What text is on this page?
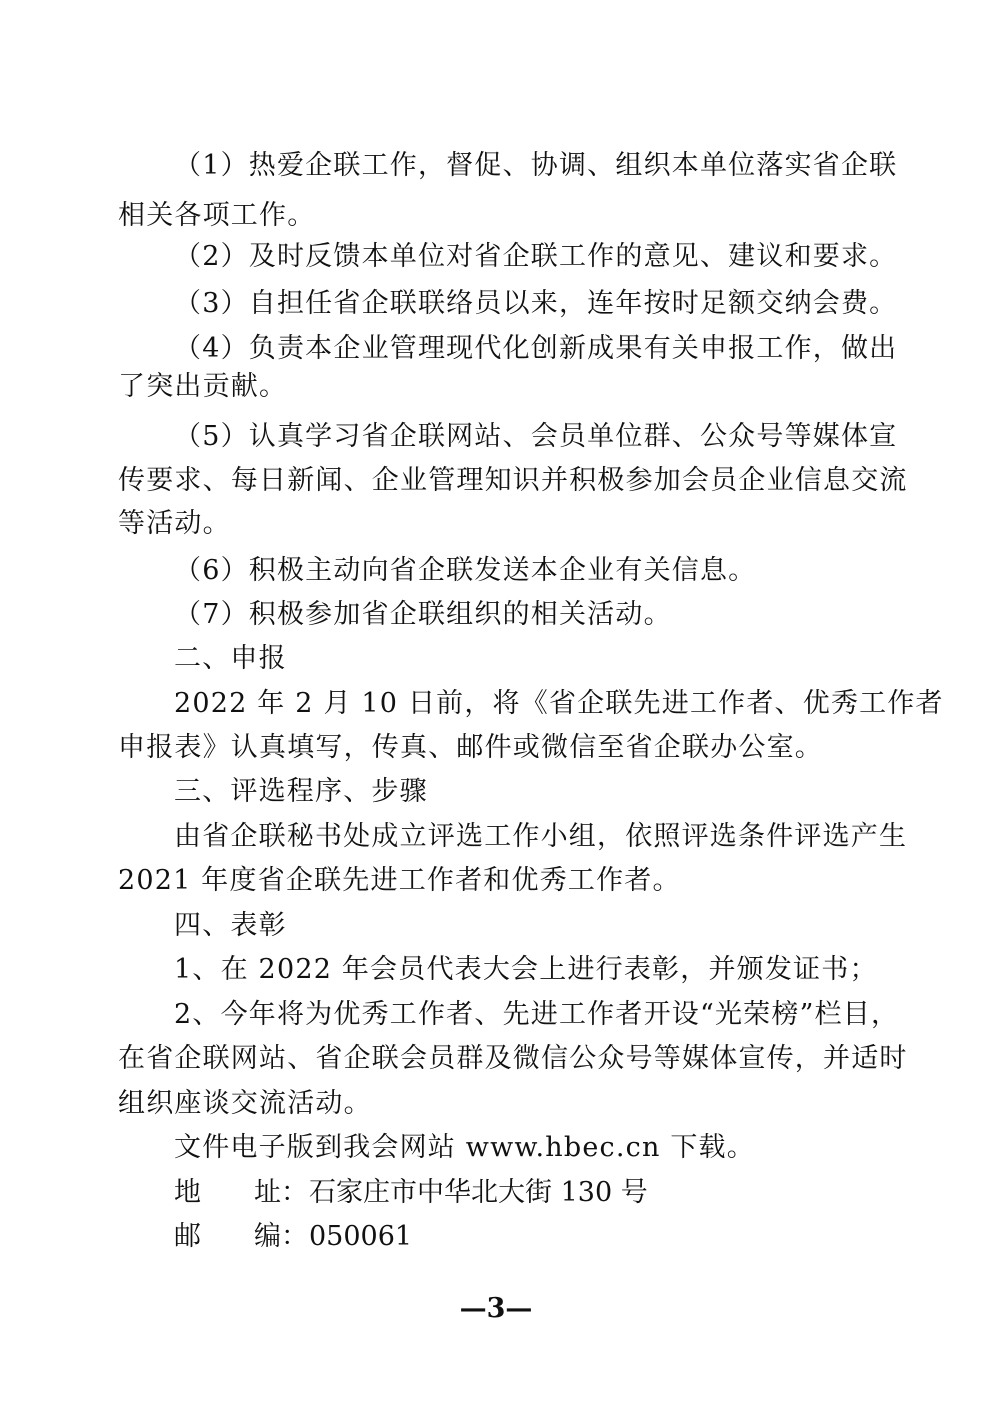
（1）热爱企联工作，督促、协调、组织本单位落实省企联
相关各项工作。
（2）及时反馈本单位对省企联工作的意见、建议和要求。
（3）自担任省企联联络员以来，连年按时足额交纳会费。
（4）负责本企业管理现代化创新成果有关申报工作，做出
了突出贡献。
（5）认真学习省企联网站、会员单位群、公众号等媒体宣
传要求、每日新闻、企业管理知识并积极参加会员企业信息交流
等活动。
（6）积极主动向省企联发送本企业有关信息。
（7）积极参加省企联组织的相关活动。
二、申报
2022 年 2 月 10 日前，将《省企联先进工作者、优秀工作者
申报表》认真填写，传真、邮件或微信至省企联办公室。
三、评选程序、步骤
由省企联秘书处成立评选工作小组，依照评选条件评选产生
2021 年度省企联先进工作者和优秀工作者。
四、表彰
1、在 2022 年会员代表大会上进行表彰，并颁发证书；
2、今年将为优秀工作者、先进工作者开设“光荣榜”栏目，
在省企联网站、省企联会员群及微信公众号等媒体宣传，并适时
组织座谈交流活动。
文件电子版到我会网站 www.hbec.cn 下载。
地 址： 石家庄市中华北大街 130 号
邮 编： 050061
—3—
